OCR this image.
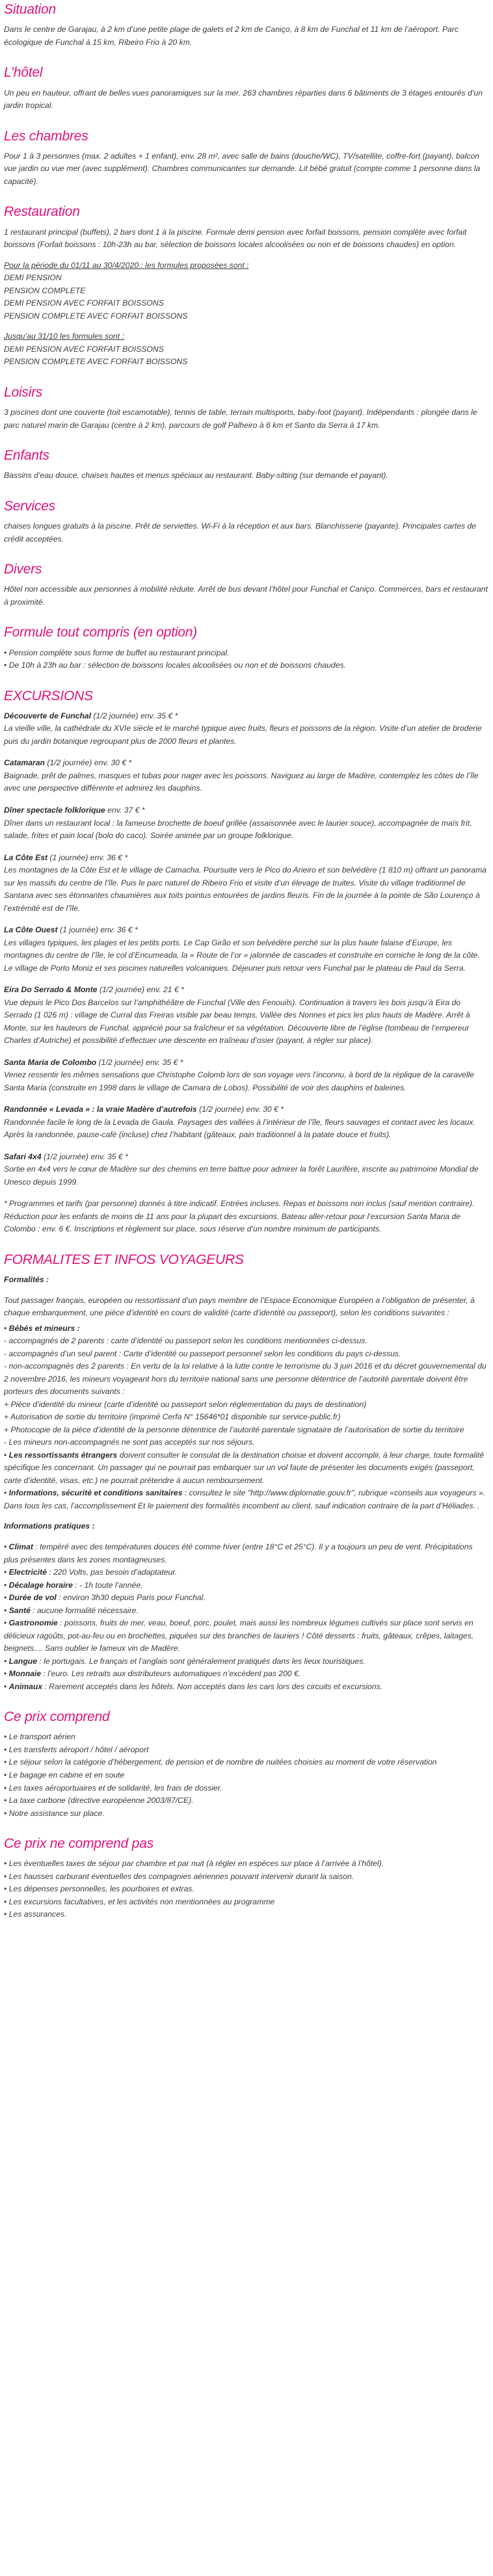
Situation

Dans le centre de Garajau, à 2 km d’une petite plage de galets et 2 km de Caniço, à 8 km de Funchal et 11 km de l’aéroport. Parc écologique de Funchal à 15 km, Ribeiro Frio à 20 km.

L’hôtel

Un peu en hauteur, offrant de belles vues panoramiques sur la mer. 263 chambres réparties dans 6 bâtiments de 3 étages entourés d’un jardin tropical.

Les chambres

Pour 1 à 3 personnes (max. 2 adultes + 1 enfant), env. 28 m², avec salle de bains (douche/WC), TV/satellite, coffre-fort (payant), balcon vue jardin ou vue mer (avec supplément). Chambres communicantes sur demande. Lit bébé gratuit (compte comme 1 personne dans la capacité).

Restauration

1 restaurant principal (buffets), 2 bars dont 1 à la piscine. Formule demi pension avec forfait boissons, pension complète avec forfait boissons (Forfait boissons : 10h-23h au bar, sélection de boissons locales alcoolisées ou non et de boissons chaudes) en option.

Pour la période du 01/11 au 30/4/2020 : les formules proposées sont :
DEMI PENSION
PENSION COMPLETE
DEMI PENSION AVEC FORFAIT BOISSONS
PENSION COMPLETE AVEC FORFAIT BOISSONS

Jusqu’au 31/10 les formules sont :
DEMI PENSION AVEC FORFAIT BOISSONS
PENSION COMPLETE AVEC FORFAIT BOISSONS

Loisirs

3 piscines dont une couverte (toit escamotable), tennis de table, terrain multisports, baby-foot (payant). Indépendants : plongée dans le parc naturel marin de Garajau (centre à 2 km), parcours de golf Palheiro à 6 km et Santo da Serra à 17 km.

Enfants

Bassins d’eau douce, chaises hautes et menus spéciaux au restaurant. Baby-sitting (sur demande et payant).

Services

chaises longues gratuits à la piscine. Prêt de serviettes. Wi-Fi à la réception et aux bars. Blanchisserie (payante). Principales cartes de crédit acceptées.

Divers

Hôtel non accessible aux personnes à mobilité réduite. Arrêt de bus devant l’hôtel pour Funchal et Caniço. Commerces, bars et restaurant à proximité.

Formule tout compris (en option)
• Pension complète sous forme de buffet au restaurant principal.
• De 10h à 23h au bar : sélection de boissons locales alcoolisées ou non et de boissons chaudes.
EXCURSIONS
Découverte de Funchal (1/2 journée) env. 35 € *
La vieille ville, la cathédrale du XVIe siècle et le marché typique avec fruits, fleurs et poissons de la région. Visite d’un atelier de broderie puis du jardin botanique regroupant plus de 2000 fleurs et plantes.
Catamaran (1/2 journée) env. 30 € *
Baignade, prêt de palmes, masques et tubas pour nager avec les poissons. Naviguez au large de Madère, contemplez les côtes de l’île avec une perspective différente et admirez les dauphins.
Dîner spectacle folklorique env. 37 € *
Dîner dans un restaurant local : la fameuse brochette de boeuf grillée (assaisonnée avec le laurier souce), accompagnée de maïs frit, salade, frites et pain local (bolo do caco). Soirée animée par un groupe folklorique.
La Côte Est (1 journée) env. 36 € *
Les montagnes de la Côte Est et le village de Camacha. Poursuite vers le Pico do Arieiro et son belvédère (1 810 m) offrant un panorama sur les massifs du centre de l’île. Puis le parc naturel de Ribeiro Frio et visite d’un élevage de truites. Visite du village traditionnel de Santana avec ses étonnantes chaumières aux toits pointus entourées de jardins fleuris. Fin de la journée à la pointe de São Lourenço à l’extrémité est de l’île.
La Côte Ouest (1 journée) env. 36 € *
Les villages typiques, les plages et les petits ports. Le Cap Girão et son belvédère perché sur la plus haute falaise d’Europe, les montagnes du centre de l’île, le col d’Encumeada, la « Route de l’or » jalonnée de cascades et construite en corniche le long de la côte. Le village de Porto Moniz et ses piscines naturelles volcaniques. Déjeuner puis retour vers Funchal par le plateau de Paul da Serra.
Eira Do Serrado & Monte (1/2 journée) env. 21 € *
Vue depuis le Pico Dos Barcelos sur l’amphithéâtre de Funchal (Ville des Fenouils). Continuation à travers les bois jusqu’à Eira do Serrado (1 026 m) : village de Curral das Freiras visible par beau temps, Vallée des Nonnes et pics les plus hauts de Madère. Arrêt à Monte, sur les hauteurs de Funchal, apprécié pour sa fraîcheur et sa végétation. Découverte libre de l’église (tombeau de l’empereur Charles d’Autriche) et possibilité d’effectuer une descente en traîneau d’osier (payant, à régler sur place).
Santa Maria de Colombo (1/2 journée) env. 35 € *
Venez ressentir les mêmes sensations que Christophe Colomb lors de son voyage vers l’inconnu, à bord de la réplique de la caravelle Santa Maria (construite en 1998 dans le village de Camara de Lobos). Possibilité de voir des dauphins et baleines.
Randonnée « Levada » : la vraie Madère d’autrefois (1/2 journée) env. 30 € *
Randonnée facile le long de la Levada de Gaula. Paysages des vallées à l’intérieur de l’île, fleurs sauvages et contact avec les locaux. Après la randonnée, pause-café (incluse) chez l’habitant (gâteaux, pain traditionnel à la patate douce et fruits).
Safari 4x4 (1/2 journée) env. 35 € *
Sortie en 4x4 vers le cœur de Madère sur des chemins en terre battue pour admirer la forêt Laurifère, inscrite au patrimoine Mondial de Unesco depuis 1999.

* Programmes et tarifs (par personne) donnés à titre indicatif. Entrées incluses. Repas et boissons non inclus (sauf mention contraire). Réduction pour les enfants de moins de 11 ans pour la plupart des excursions. Bateau aller-retour pour l’excursion Santa Maria de Colombo : env. 6 €. Inscriptions et règlement sur place, sous réserve d’un nombre minimum de participants.

FORMALITES ET INFOS VOYAGEURS

Formalités :

Tout passager français, européen ou ressortissant d’un pays membre de l’Espace Economique Européen a l’obligation de présenter, à chaque embarquement, une pièce d’identité en cours de validité (carte d’identité ou passeport), selon les conditions suivantes :

• Bébés et mineurs :
- accompagnés de 2 parents : carte d’identité ou passeport selon les conditions mentionnées ci-dessus.
- accompagnés d’un seul parent : Carte d’identité ou passeport personnel selon les conditions du pays ci-dessus.
- non-accompagnés des 2 parents : En vertu de la loi relative à la lutte contre le terrorisme du 3 juin 2016 et du décret gouvernemental du 2 novembre 2016, les mineurs voyageant hors du territoire national sans une personne détentrice de l’autorité parentale doivent être porteurs des documents suivants :
+ Pièce d’identité du mineur (carte d’identité ou passeport selon réglementation du pays de destination)
+ Autorisation de sortie du territoire (imprimé Cerfa N° 15646*01 disponible sur service-public.fr)
+ Photocopie de la pièce d’identité de la personne détentrice de l’autorité parentale signataire de l’autorisation de sortie du territoire
- Les mineurs non-accompagnés ne sont pas acceptés sur nos séjours.
• Les ressortissants étrangers doivent consulter le consulat de la destination choisie et doivent accomplir, à leur charge, toute formalité spécifique les concernant. Un passager qui ne pourrait pas embarquer sur un vol faute de présenter les documents exigés (passeport, carte d’identité, visas, etc.) ne pourrait prétendre à aucun remboursement.
• Informations, sécurité et conditions sanitaires : consultez le site "http://www.diplomatie.gouv.fr", rubrique «conseils aux voyageurs ». Dans tous les cas, l’accomplissement Et le paiement des formalités incombent au client, sauf indication contraire de la part d’Héliades. .

Informations pratiques :

• Climat : tempéré avec des températures douces été comme hiver (entre 18°C et 25°C). Il y a toujours un peu de vent. Précipitations plus présentes dans les zones montagneuses.
• Electricité : 220 Volts, pas besoin d’adaptateur.
• Décalage horaire : - 1h toute l’année.
• Durée de vol : environ 3h30 depuis Paris pour Funchal.
• Santé : aucune formalité nécessaire.
• Gastronomie : poissons, fruits de mer, veau, boeuf, porc, poulet, mais aussi les nombreux légumes cultivés sur place sont servis en délicieux ragoûts, pot-au-feu ou en brochettes, piquées sur des branches de lauriers ! Côté desserts : fruits, gâteaux, crêpes, laitages, beignets.... Sans oublier le fameux vin de Madère.
• Langue : le portugais. Le français et l’anglais sont généralement pratiqués dans les lieux touristiques.
• Monnaie : l’euro. Les retraits aux distributeurs automatiques n’excèdent pas 200 €.
• Animaux : Rarement acceptés dans les hôtels. Non acceptés dans les cars lors des circuits et excursions.
Ce prix comprend
• Le transport aérien
• Les transferts aéroport / hôtel / aéroport
• Le séjour selon la catégorie d’hébergement, de pension et de nombre de nuitées choisies au moment de votre réservation
• Le bagage en cabine et en soute
• Les taxes aéroportuaires et de solidarité, les frais de dossier.
• La taxe carbone (directive européenne 2003/87/CE).
• Notre assistance sur place.
Ce prix ne comprend pas
• Les éventuelles taxes de séjour par chambre et par nuit (à régler en espèces sur place à l’arrivée à l’hôtel).
• Les hausses carburant éventuelles des compagnies aériennes pouvant intervenir durant la saison.
• Les dépenses personnelles, les pourboires et extras.
• Les excursions facultatives, et les activités non mentionnées au programme
• Les assurances.
